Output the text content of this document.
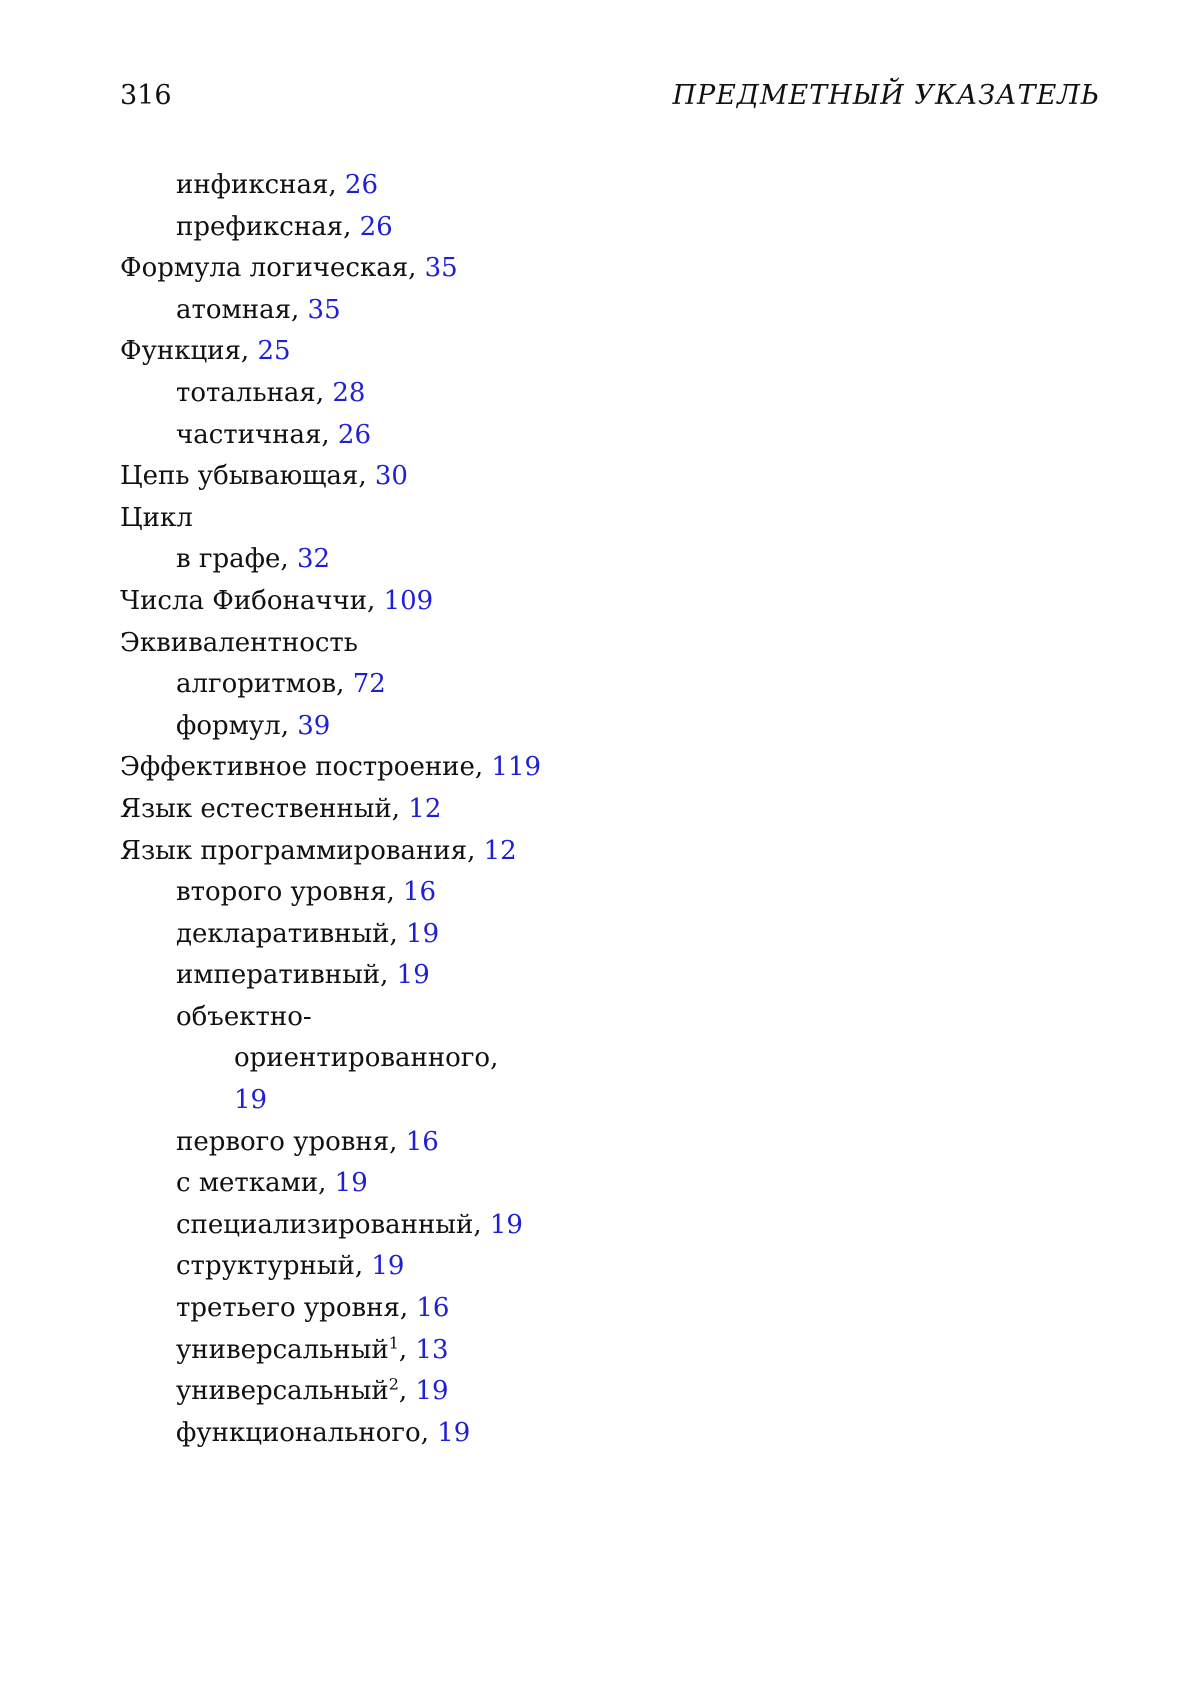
316	ПРЕДМЕТНЫЙ УКАЗАТЕЛЬ
инфиксная, 26
префиксная, 26
Формула логическая, 35
атомная, 35
Функция, 25
тотальная, 28
частичная, 26
Цепь убывающая, 30
Цикл
в графе, 32
Числа Фибоначчи, 109
Эквивалентность
алгоритмов, 72
формул, 39
Эффективное построение, 119
Язык естественный, 12
Язык программирования, 12
второго уровня, 16
декларативный, 19
императивный, 19
объектно-
ориентированного,
19
первого уровня, 16
с метками, 19
специализированный, 19
структурный, 19
третьего уровня, 16
универсальный$^1$, 13
универсальный$^2$, 19
функционального, 19
